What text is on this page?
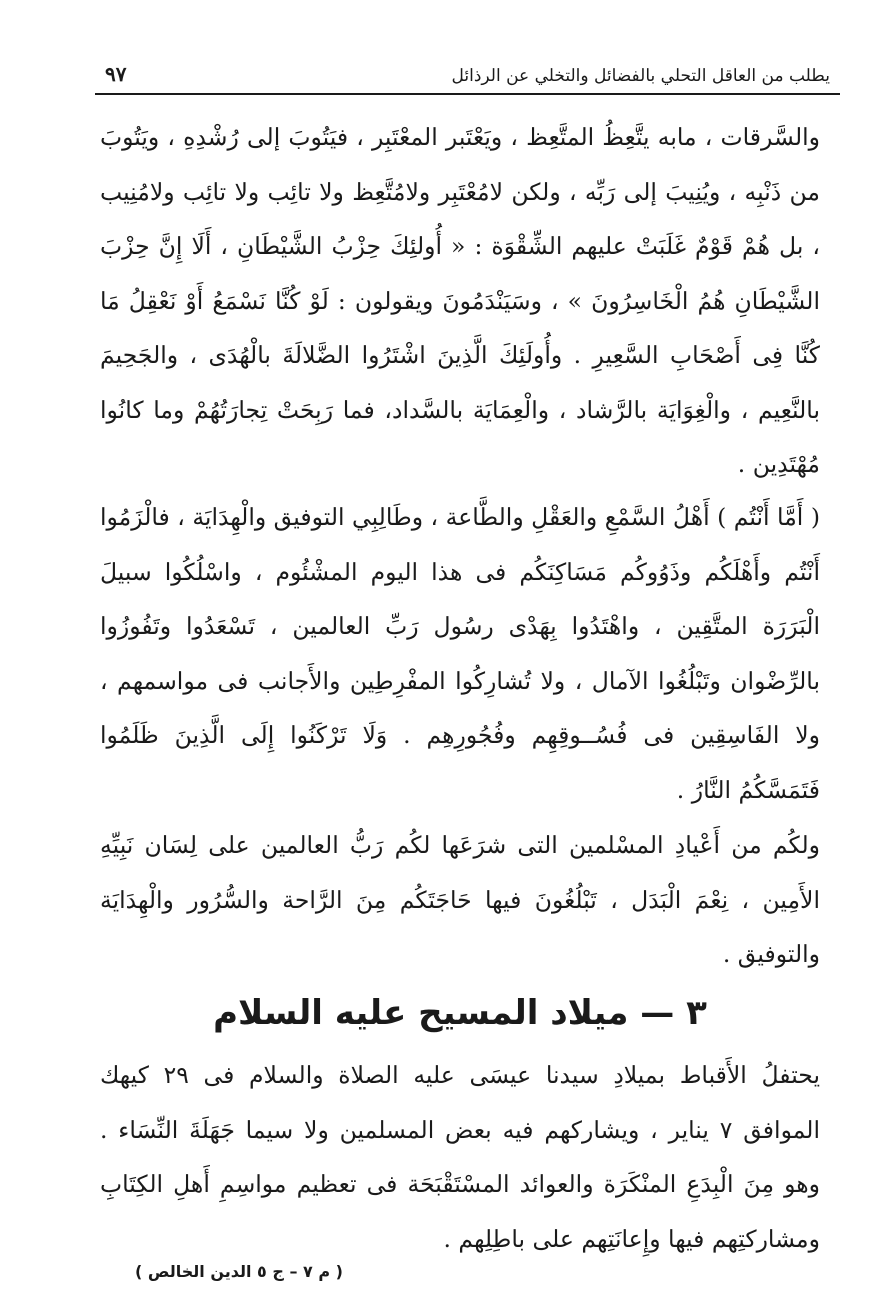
يطلب من العاقل التحلي بالفضائل والتخلي عن الرذائل
٩٧

والسَّرقات ، مابه يتَّعِظُ المتَّعِظ ، ويَعْتَبر المعْتَبِر ، فيَتُوبَ إلى رُشْدِهِ ، ويَتُوبَ من ذَنْبِه ، ويُنِيبَ إلى رَبِّه ، ولكن لامُعْتَبِر ولامُتَّعِظ ولا تائِب ولا تائِب ولامُنِيب ، بل هُمْ قَوْمٌ غَلَبَتْ عليهم الشِّقْوَة : « أُولئِكَ حِزْبُ الشَّيْطَانِ ، أَلَا إِنَّ حِزْبَ الشَّيْطَانِ هُمُ الْخَاسِرُونَ » ، وسَيَنْدَمُونَ ويقولون : لَوْ كُنَّا نَسْمَعُ أَوْ نَعْقِلُ مَا كُنَّا فِى أَصْحَابِ السَّعِيرِ . وأُولَئِكَ الَّذِينَ اشْتَرُوا الضَّلالَةَ بالْهُدَى ، والجَحِيمَ بالنَّعِيم ، والْغِوَايَة بالرَّشاد ، والْعِمَايَة بالسَّداد، فما رَبِحَتْ تِجارَتُهُمْ وما كانُوا مُهْتَدِين .

( أَمَّا أَنْتُم ) أَهْلُ السَّمْعِ والعَقْلِ والطَّاعة ، وطَالِبِي التوفيق والْهِدَايَة ، فالْزَمُوا أَنْتُم وأَهْلَكُم وذَوُوكُم مَسَاكِنَكُم فى هذا اليوم المشْئُوم ، واسْلُكُوا سبيلَ الْبَرَرَة المتَّقِين ، واهْتَدُوا بِهَدْى رسُول رَبِّ العالمين ، تَسْعَدُوا وتَفُوزُوا بالرِّضْوان وتَبْلُغُوا الآمال ، ولا تُشارِكُوا المفْرِطِين والأَجانب فى مواسمهم ، ولا الفَاسِقِين فى فُسُــوقِهِم وفُجُورِهِم . وَلَا تَرْكَنُوا إِلَى الَّذِينَ ظَلَمُوا فَتَمَسَّكُمُ النَّارُ .

ولكُم من أَعْيادِ المسْلمين التى شرَعَها لكُم رَبُّ العالمين على لِسَان نَبِيِّهِ الأَمِين ، نِعْمَ الْبَدَل ، تَبْلُغُونَ فيها حَاجَتَكُم مِنَ الرَّاحة والسُّرُور والْهِدَايَة والتوفيق .

٣ — ميلاد المسيح عليه السلام

يحتفلُ الأَقباط بميلادِ سيدنا عيسَى عليه الصلاة والسلام فى ٢٩ كيهك الموافق ٧ يناير ، ويشاركهم فيه بعض المسلمين ولا سيما جَهَلَةَ النِّسَاء . وهو مِنَ الْبِدَعِ المنْكَرَة والعوائد المسْتَقْبَحَة فى تعظيم مواسِمِ أَهلِ الكِتَابِ ومشاركتِهم فيها وإِعانَتِهم على باطِلِهم .

( م ٧ – ج ٥ الدين الخالص )
